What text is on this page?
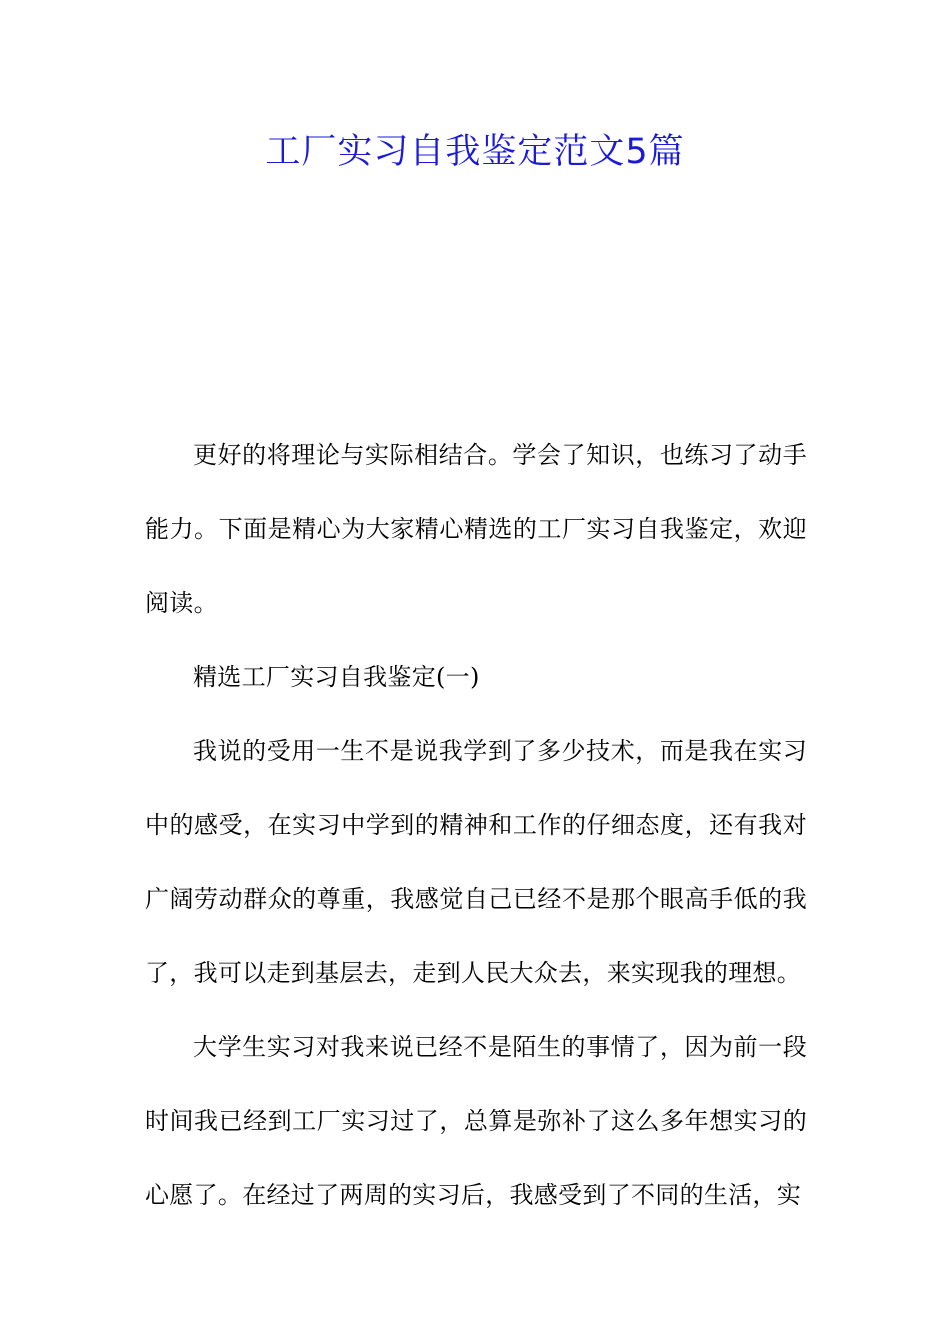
工厂实习自我鉴定范文5篇

更好的将理论与实际相结合。学会了知识，也练习了动手能力。下面是精心为大家精心精选的工厂实习自我鉴定，欢迎阅读。

精选工厂实习自我鉴定(一)

我说的受用一生不是说我学到了多少技术，而是我在实习中的感受，在实习中学到的精神和工作的仔细态度，还有我对广阔劳动群众的尊重，我感觉自己已经不是那个眼高手低的我了，我可以走到基层去，走到人民大众去，来实现我的理想。

大学生实习对我来说已经不是陌生的事情了，因为前一段时间我已经到工厂实习过了，总算是弥补了这么多年想实习的心愿了。在经过了两周的实习后，我感受到了不同的生活，实
